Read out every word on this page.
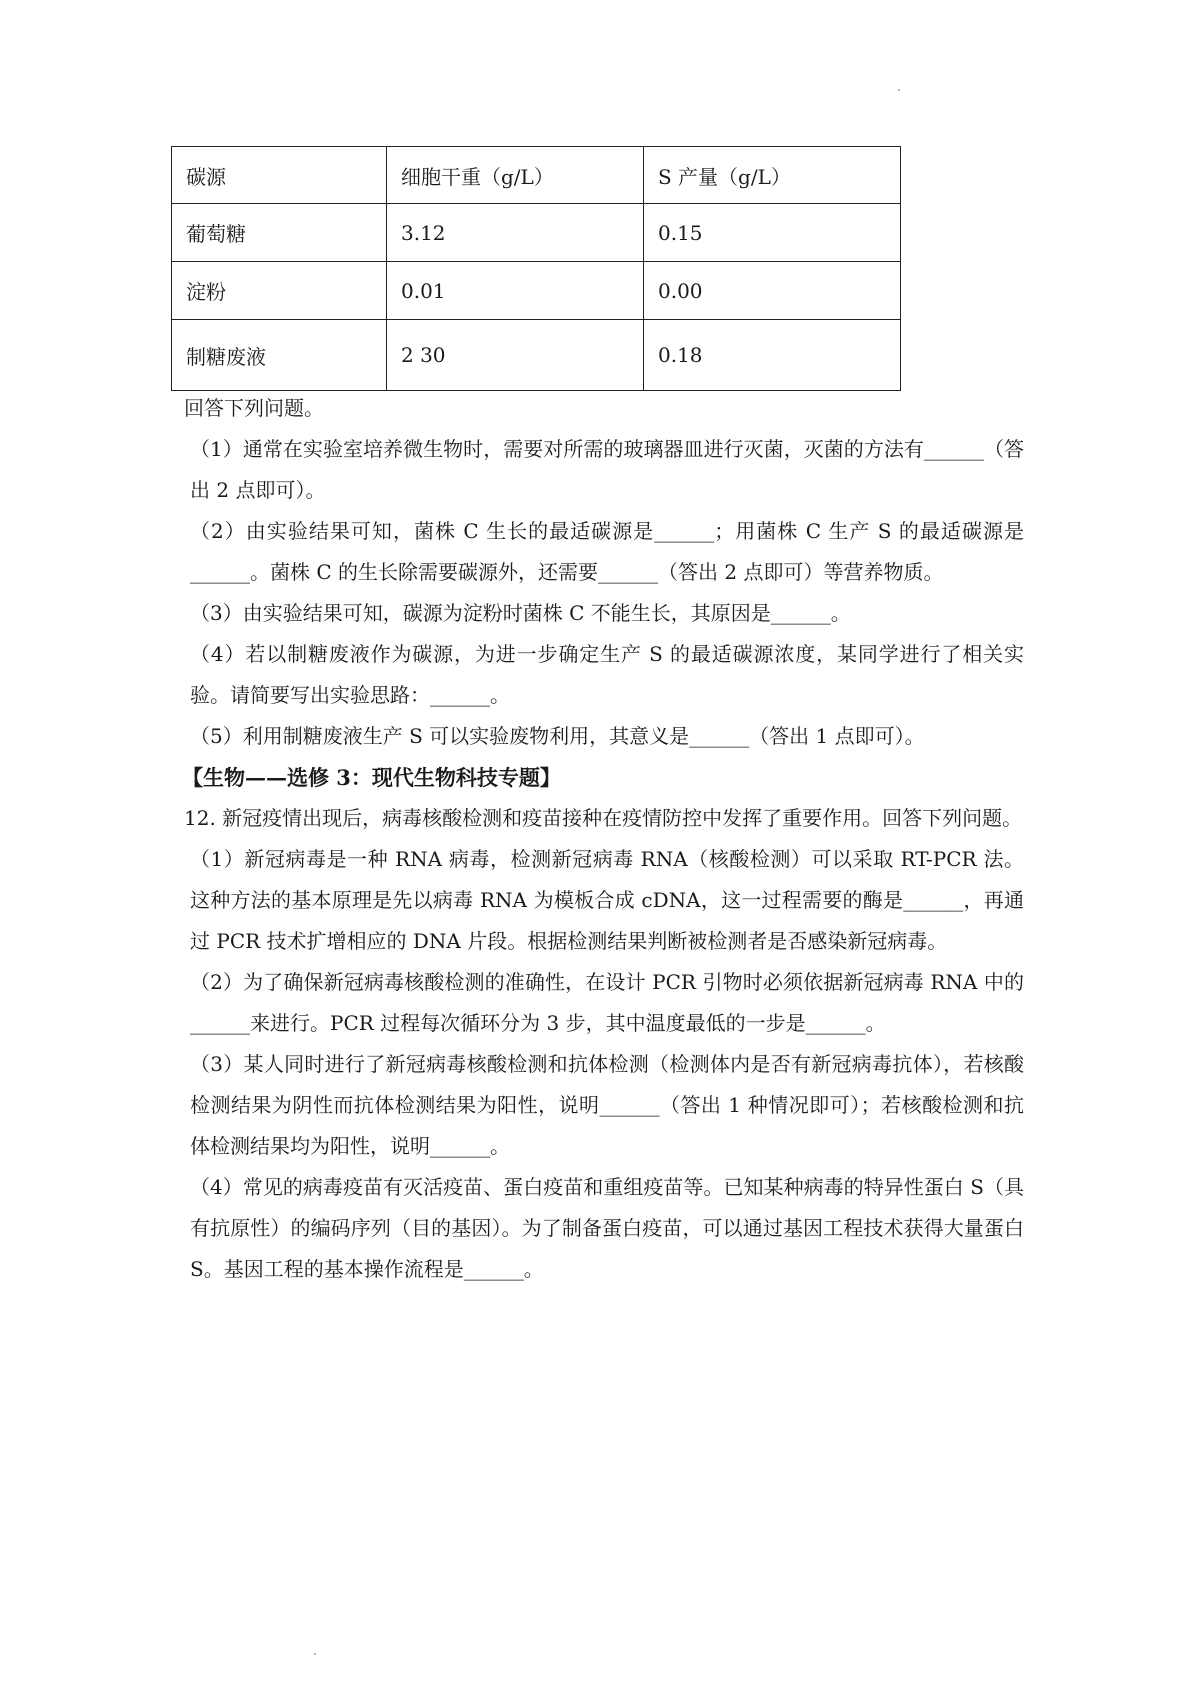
碳源	细胞干重（g/L）	S 产量（g/L）
葡萄糖	3.12	0.15
淀粉	0.01	0.00
制糖废液	2 30	0.18

回答下列问题。

（1）通常在实验室培养微生物时，需要对所需的玻璃器皿进行灭菌，灭菌的方法有______（答出 2 点即可）。

（2）由实验结果可知，菌株 C 生长的最适碳源是______；用菌株 C 生产 S 的最适碳源是______。菌株 C 的生长除需要碳源外，还需要______（答出 2 点即可）等营养物质。

（3）由实验结果可知，碳源为淀粉时菌株 C 不能生长，其原因是______。

（4）若以制糖废液作为碳源，为进一步确定生产 S 的最适碳源浓度，某同学进行了相关实验。请简要写出实验思路：______。

（5）利用制糖废液生产 S 可以实验废物利用，其意义是______（答出 1 点即可）。

【生物——选修 3：现代生物科技专题】

12. 新冠疫情出现后，病毒核酸检测和疫苗接种在疫情防控中发挥了重要作用。回答下列问题。

（1）新冠病毒是一种 RNA 病毒，检测新冠病毒 RNA（核酸检测）可以采取 RT-PCR 法。这种方法的基本原理是先以病毒 RNA 为模板合成 cDNA，这一过程需要的酶是______，再通过 PCR 技术扩增相应的 DNA 片段。根据检测结果判断被检测者是否感染新冠病毒。

（2）为了确保新冠病毒核酸检测的准确性，在设计 PCR 引物时必须依据新冠病毒 RNA 中的______来进行。PCR 过程每次循环分为 3 步，其中温度最低的一步是______。

（3）某人同时进行了新冠病毒核酸检测和抗体检测（检测体内是否有新冠病毒抗体），若核酸检测结果为阴性而抗体检测结果为阳性，说明______（答出 1 种情况即可）；若核酸检测和抗体检测结果均为阳性，说明______。

（4）常见的病毒疫苗有灭活疫苗、蛋白疫苗和重组疫苗等。已知某种病毒的特异性蛋白 S（具有抗原性）的编码序列（目的基因）。为了制备蛋白疫苗，可以通过基因工程技术获得大量蛋白 S。基因工程的基本操作流程是______。
